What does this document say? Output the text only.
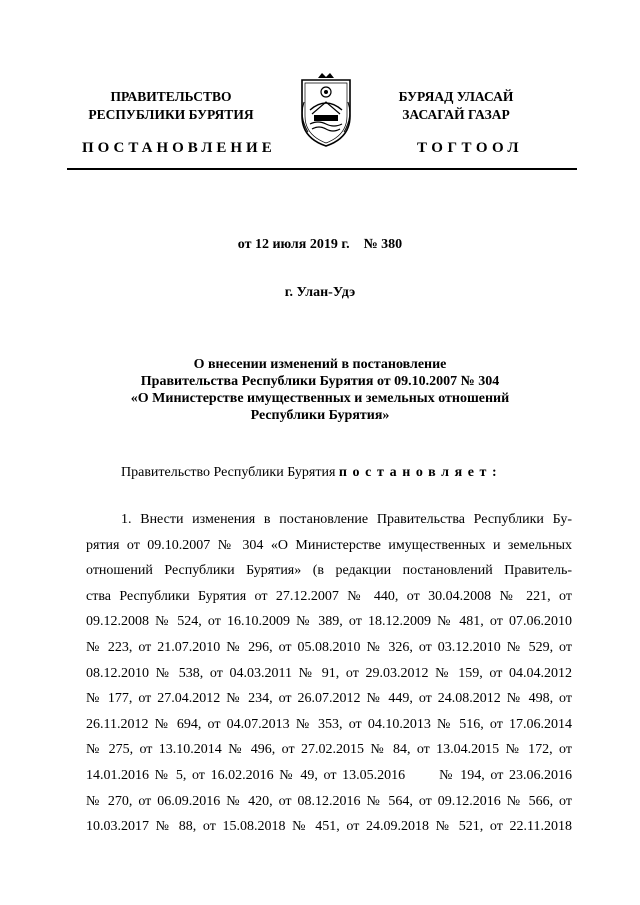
ПРАВИТЕЛЬСТВО
РЕСПУБЛИКИ БУРЯТИЯ
БУРЯАД УЛАСАЙ
ЗАСАГАЙ ГАЗАР
ПОСТАНОВЛЕНИЕ	ТОГТООЛ
от 12 июля 2019 г.    № 380
г. Улан-Удэ
О внесении изменений в постановление
Правительства Республики Бурятия от 09.10.2007 № 304
«О Министерстве имущественных и земельных отношений
Республики Бурятия»
Правительство Республики Бурятия постановляет:
1. Внести изменения в постановление Правительства Республики Бу-
рятия от 09.10.2007 № 304 «О Министерстве имущественных и земельных
отношений Республики Бурятия» (в редакции постановлений Правитель-
ства Республики Бурятия от 27.12.2007 № 440, от 30.04.2008 № 221, от
09.12.2008 № 524, от 16.10.2009 № 389, от 18.12.2009 № 481, от 07.06.2010
№ 223, от 21.07.2010 № 296, от 05.08.2010 № 326, от 03.12.2010 № 529, от
08.12.2010 № 538, от 04.03.2011 № 91, от 29.03.2012 № 159, от 04.04.2012
№ 177, от 27.04.2012 № 234, от 26.07.2012 № 449, от 24.08.2012 № 498, от
26.11.2012 № 694, от 04.07.2013 № 353, от 04.10.2013 № 516, от 17.06.2014
№ 275, от 13.10.2014 № 496, от 27.02.2015 № 84, от 13.04.2015 № 172, от
14.01.2016 № 5, от 16.02.2016 № 49, от 13.05.2016      № 194, от 23.06.2016
№ 270, от 06.09.2016 № 420, от 08.12.2016 № 564, от 09.12.2016 № 566, от
10.03.2017 № 88, от 15.08.2018 № 451, от 24.09.2018 № 521, от 22.11.2018
